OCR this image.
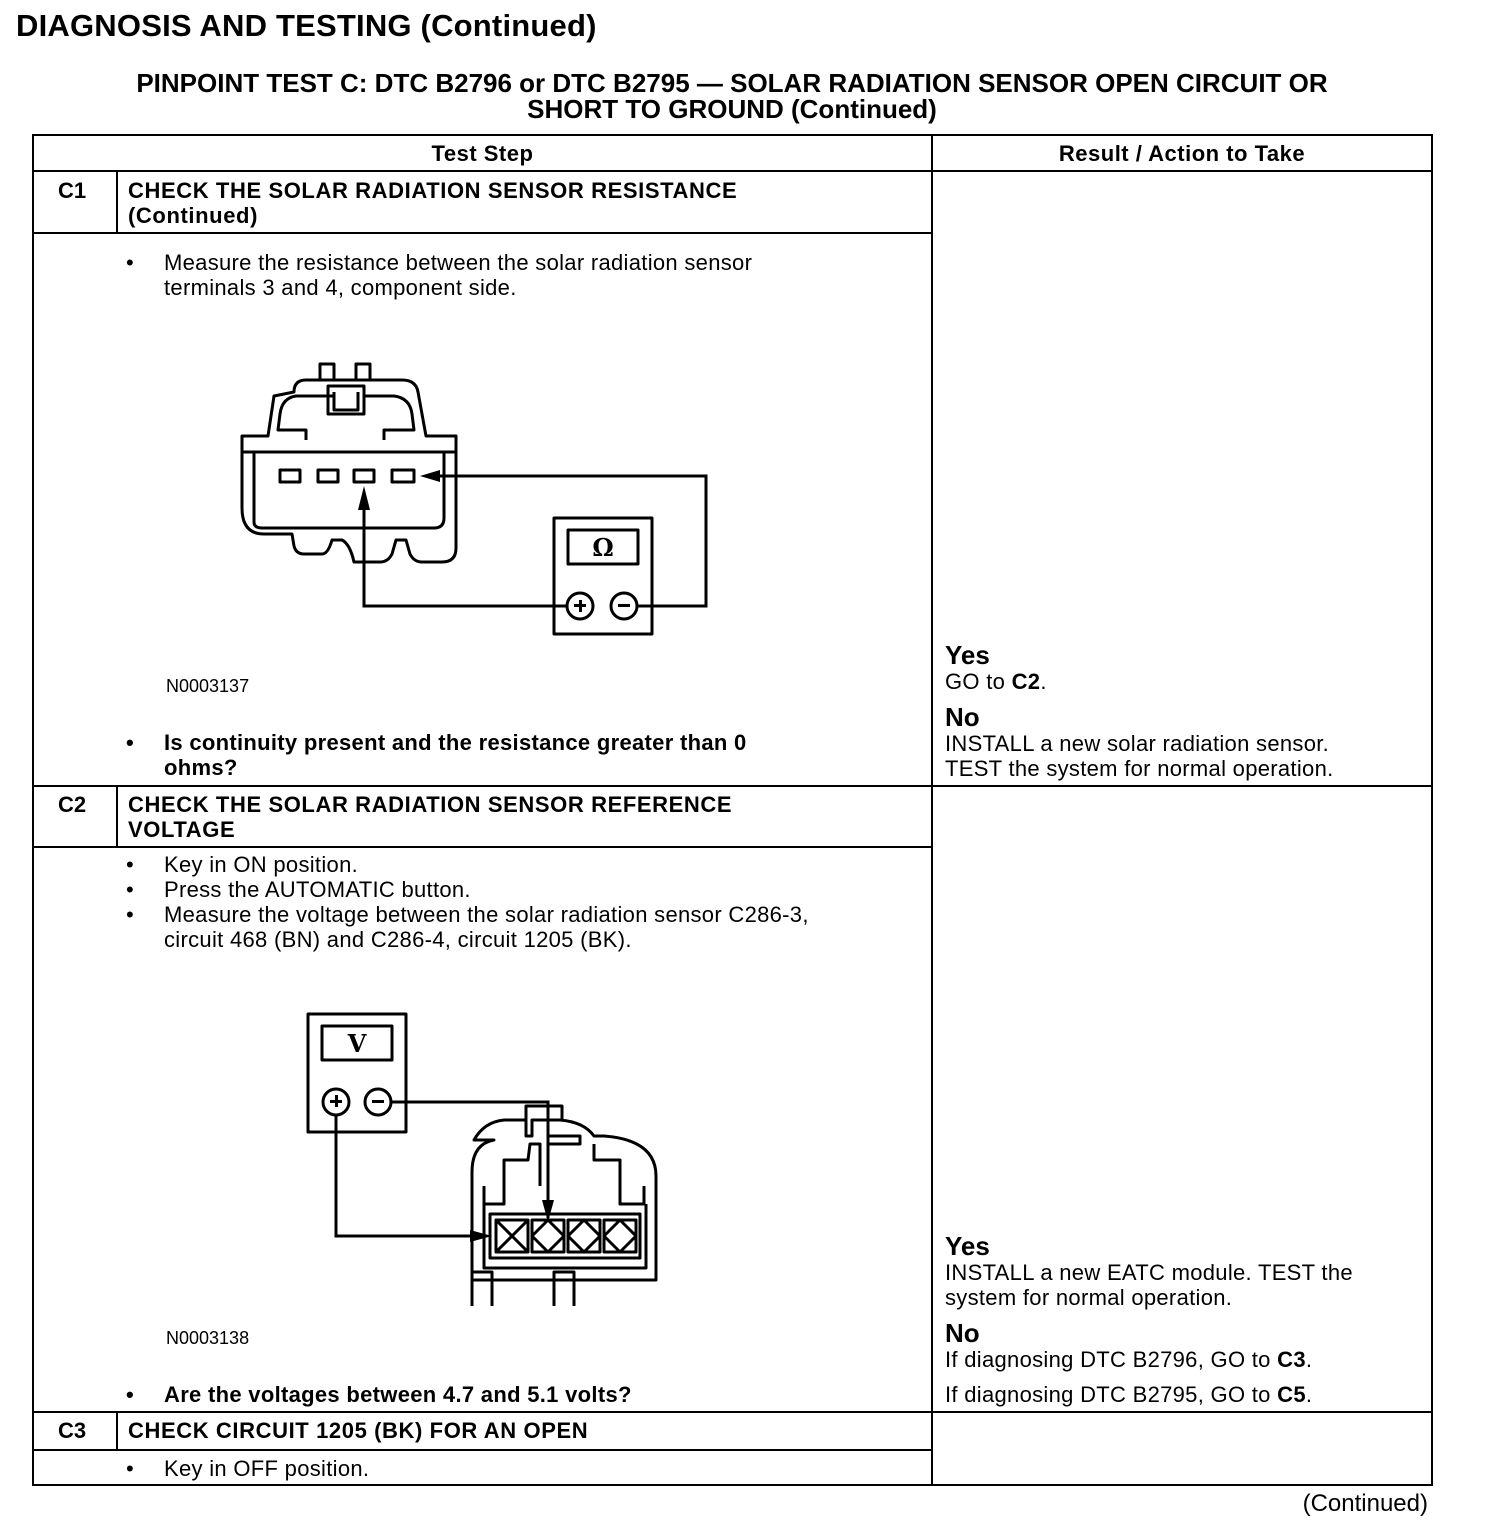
DIAGNOSIS AND TESTING (Continued)
PINPOINT TEST C: DTC B2796 or DTC B2795 — SOLAR RADIATION SENSOR OPEN CIRCUIT OR
SHORT TO GROUND (Continued)
Test Step	Result / Action to Take
C1 CHECK THE SOLAR RADIATION SENSOR RESISTANCE
(Continued)
• Measure the resistance between the solar radiation sensor
terminals 3 and 4, component side.
Ω
N0003137
• Is continuity present and the resistance greater than 0
ohms?
Yes
GO to C2.
No
INSTALL a new solar radiation sensor.
TEST the system for normal operation.
C2 CHECK THE SOLAR RADIATION SENSOR REFERENCE
VOLTAGE
• Key in ON position.
• Press the AUTOMATIC button.
• Measure the voltage between the solar radiation sensor C286-3,
circuit 468 (BN) and C286-4, circuit 1205 (BK).
V
N0003138
• Are the voltages between 4.7 and 5.1 volts?
Yes
INSTALL a new EATC module. TEST the
system for normal operation.
No
If diagnosing DTC B2796, GO to C3.
If diagnosing DTC B2795, GO to C5.
C3 CHECK CIRCUIT 1205 (BK) FOR AN OPEN
• Key in OFF position.
(Continued)
